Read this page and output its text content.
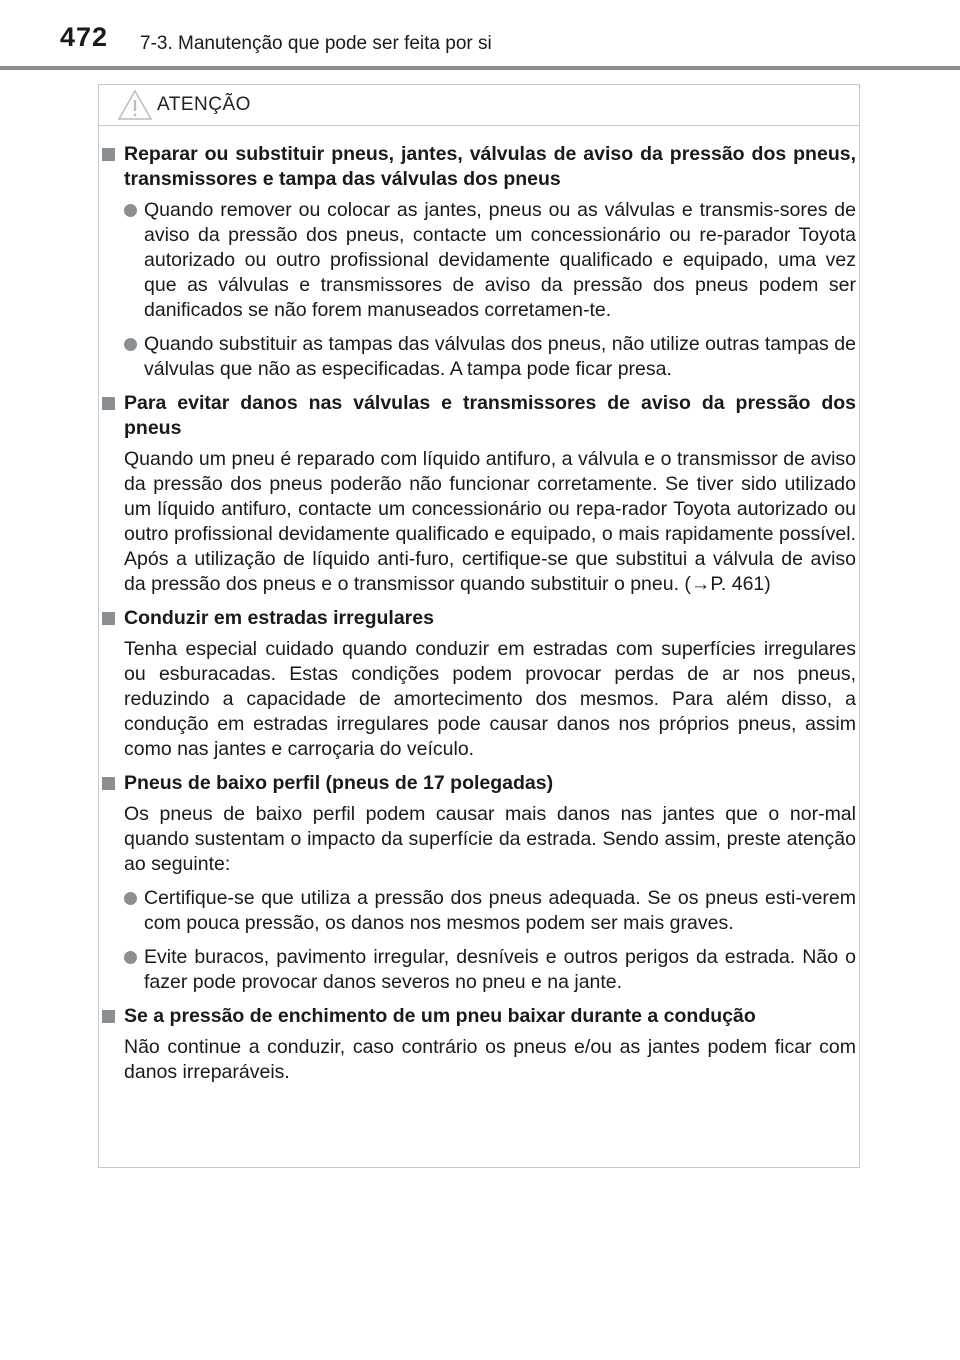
472 7-3. Manutenção que pode ser feita por si
ATENÇÃO
Reparar ou substituir pneus, jantes, válvulas de aviso da pressão dos pneus, transmissores e tampa das válvulas dos pneus
Quando remover ou colocar as jantes, pneus ou as válvulas e transmis-sores de aviso da pressão dos pneus, contacte um concessionário ou re-parador Toyota autorizado ou outro profissional devidamente qualificado e equipado, uma vez que as válvulas e transmissores de aviso da pressão dos pneus podem ser danificados se não forem manuseados corretamen-te.
Quando substituir as tampas das válvulas dos pneus, não utilize outras tampas de válvulas que não as especificadas. A tampa pode ficar presa.
Para evitar danos nas válvulas e transmissores de aviso da pressão dos pneus
Quando um pneu é reparado com líquido antifuro, a válvula e o transmissor de aviso da pressão dos pneus poderão não funcionar corretamente. Se tiver sido utilizado um líquido antifuro, contacte um concessionário ou repa-rador Toyota autorizado ou outro profissional devidamente qualificado e equipado, o mais rapidamente possível. Após a utilização de líquido anti-furo, certifique-se que substitui a válvula de aviso da pressão dos pneus e o transmissor quando substituir o pneu. (→P. 461)
Conduzir em estradas irregulares
Tenha especial cuidado quando conduzir em estradas com superfícies irregulares ou esburacadas. Estas condições podem provocar perdas de ar nos pneus, reduzindo a capacidade de amortecimento dos mesmos. Para além disso, a condução em estradas irregulares pode causar danos nos próprios pneus, assim como nas jantes e carroçaria do veículo.
Pneus de baixo perfil (pneus de 17 polegadas)
Os pneus de baixo perfil podem causar mais danos nas jantes que o nor-mal quando sustentam o impacto da superfície da estrada. Sendo assim, preste atenção ao seguinte:
Certifique-se que utiliza a pressão dos pneus adequada. Se os pneus esti-verem com pouca pressão, os danos nos mesmos podem ser mais graves.
Evite buracos, pavimento irregular, desníveis e outros perigos da estrada. Não o fazer pode provocar danos severos no pneu e na jante.
Se a pressão de enchimento de um pneu baixar durante a condução
Não continue a conduzir, caso contrário os pneus e/ou as jantes podem ficar com danos irreparáveis.
